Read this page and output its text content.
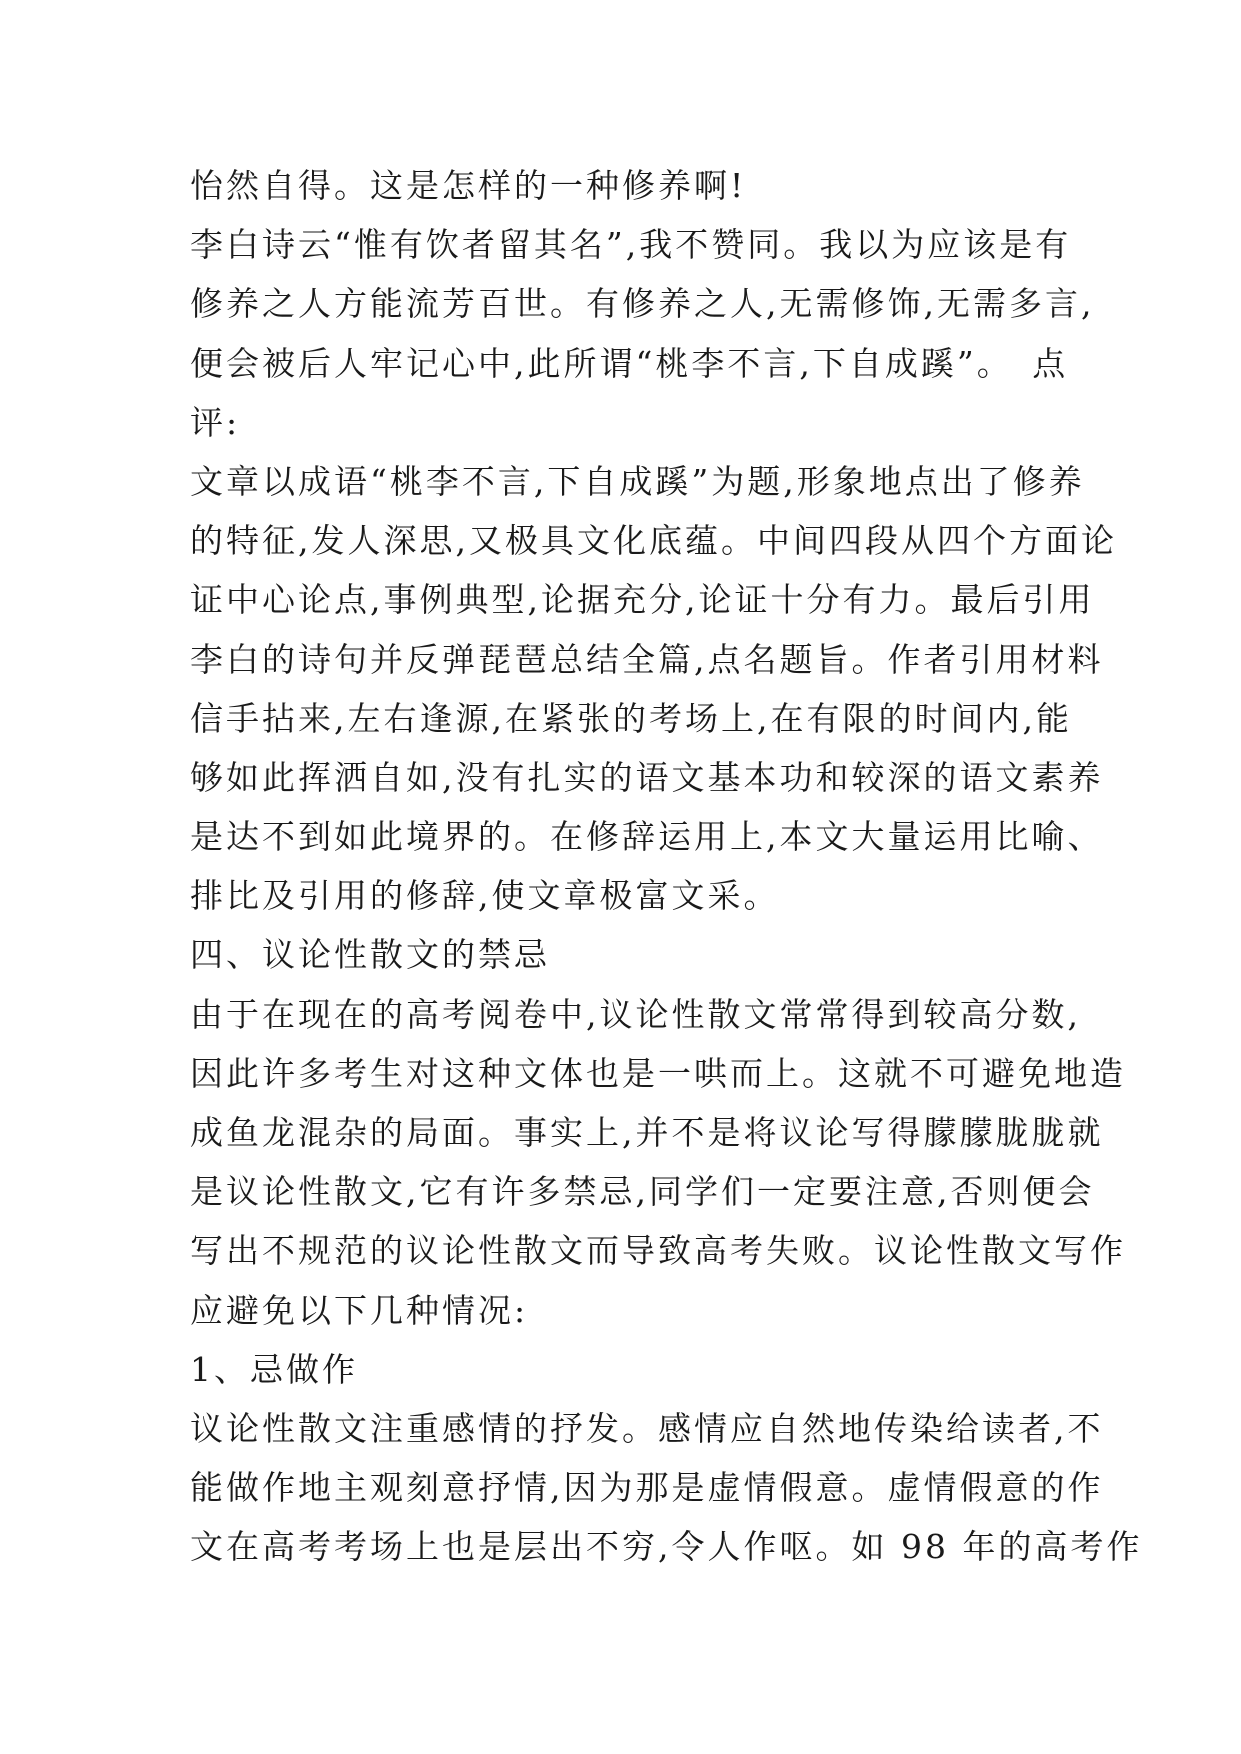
怡然自得。这是怎样的一种修养啊!
李白诗云“惟有饮者留其名”,我不赞同。我以为应该是有
修养之人方能流芳百世。有修养之人,无需修饰,无需多言,
便会被后人牢记心中,此所谓“桃李不言,下自成蹊”。　点
评:
文章以成语“桃李不言,下自成蹊”为题,形象地点出了修养
的特征,发人深思,又极具文化底蕴。中间四段从四个方面论
证中心论点,事例典型,论据充分,论证十分有力。最后引用
李白的诗句并反弹琵琶总结全篇,点名题旨。作者引用材料
信手拈来,左右逢源,在紧张的考场上,在有限的时间内,能
够如此挥洒自如,没有扎实的语文基本功和较深的语文素养
是达不到如此境界的。在修辞运用上,本文大量运用比喻、
排比及引用的修辞,使文章极富文采。
四、议论性散文的禁忌
由于在现在的高考阅卷中,议论性散文常常得到较高分数,
因此许多考生对这种文体也是一哄而上。这就不可避免地造
成鱼龙混杂的局面。事实上,并不是将议论写得朦朦胧胧就
是议论性散文,它有许多禁忌,同学们一定要注意,否则便会
写出不规范的议论性散文而导致高考失败。议论性散文写作
应避免以下几种情况:
1、忌做作
议论性散文注重感情的抒发。感情应自然地传染给读者,不
能做作地主观刻意抒情,因为那是虚情假意。虚情假意的作
文在高考考场上也是层出不穷,令人作呕。如 98 年的高考作
